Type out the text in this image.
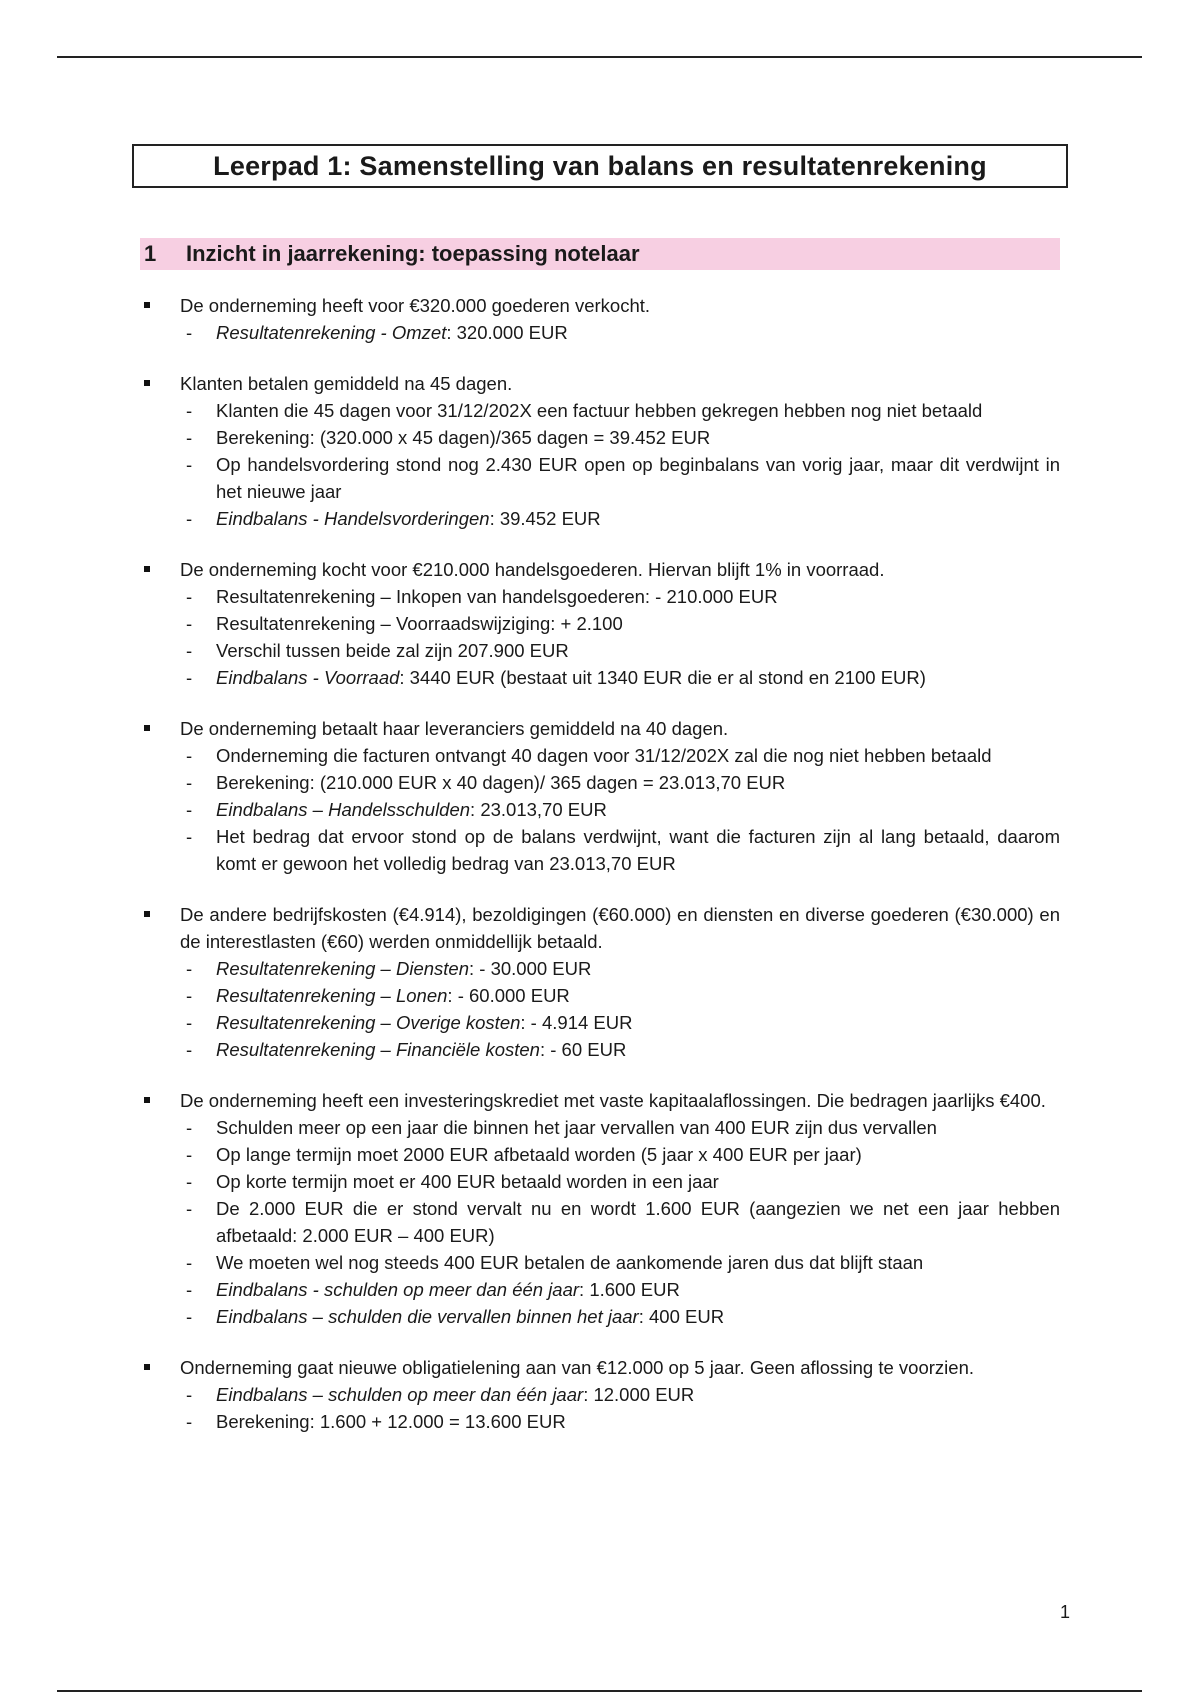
Leerpad 1: Samenstelling van balans en resultatenrekening
1	Inzicht in jaarrekening: toepassing notelaar
De onderneming heeft voor €320.000 goederen verkocht.
- Resultatenrekening - Omzet: 320.000 EUR
Klanten betalen gemiddeld na 45 dagen.
- Klanten die 45 dagen voor 31/12/202X een factuur hebben gekregen hebben nog niet betaald
- Berekening: (320.000 x 45 dagen)/365 dagen = 39.452 EUR
- Op handelsvordering stond nog 2.430 EUR open op beginbalans van vorig jaar, maar dit verdwijnt in het nieuwe jaar
- Eindbalans - Handelsvorderingen: 39.452 EUR
De onderneming kocht voor €210.000 handelsgoederen. Hiervan blijft 1% in voorraad.
- Resultatenrekening – Inkopen van handelsgoederen: - 210.000 EUR
- Resultatenrekening – Voorraadswijziging: + 2.100
- Verschil tussen beide zal zijn 207.900 EUR
- Eindbalans - Voorraad: 3440 EUR (bestaat uit 1340 EUR die er al stond en 2100 EUR)
De onderneming betaalt haar leveranciers gemiddeld na 40 dagen.
- Onderneming die facturen ontvangt 40 dagen voor 31/12/202X zal die nog niet hebben betaald
- Berekening: (210.000 EUR x 40 dagen)/ 365 dagen = 23.013,70 EUR
- Eindbalans – Handelsschulden: 23.013,70 EUR
- Het bedrag dat ervoor stond op de balans verdwijnt, want die facturen zijn al lang betaald, daarom komt er gewoon het volledig bedrag van 23.013,70 EUR
De andere bedrijfskosten (€4.914), bezoldigingen (€60.000) en diensten en diverse goederen (€30.000) en de interestlasten (€60) werden onmiddellijk betaald.
- Resultatenrekening – Diensten: - 30.000 EUR
- Resultatenrekening – Lonen: - 60.000 EUR
- Resultatenrekening – Overige kosten: - 4.914 EUR
- Resultatenrekening – Financiële kosten: - 60 EUR
De onderneming heeft een investeringskrediet met vaste kapitaalaflossingen. Die bedragen jaarlijks €400.
- Schulden meer op een jaar die binnen het jaar vervallen van 400 EUR zijn dus vervallen
- Op lange termijn moet 2000 EUR afbetaald worden (5 jaar x 400 EUR per jaar)
- Op korte termijn moet er 400 EUR betaald worden in een jaar
- De 2.000 EUR die er stond vervalt nu en wordt 1.600 EUR (aangezien we net een jaar hebben afbetaald: 2.000 EUR – 400 EUR)
- We moeten wel nog steeds 400 EUR betalen de aankomende jaren dus dat blijft staan
- Eindbalans - schulden op meer dan één jaar: 1.600 EUR
- Eindbalans – schulden die vervallen binnen het jaar: 400 EUR
Onderneming gaat nieuwe obligatielening aan van €12.000 op 5 jaar. Geen aflossing te voorzien.
- Eindbalans – schulden op meer dan één jaar: 12.000 EUR
- Berekening: 1.600 + 12.000 = 13.600 EUR
1
